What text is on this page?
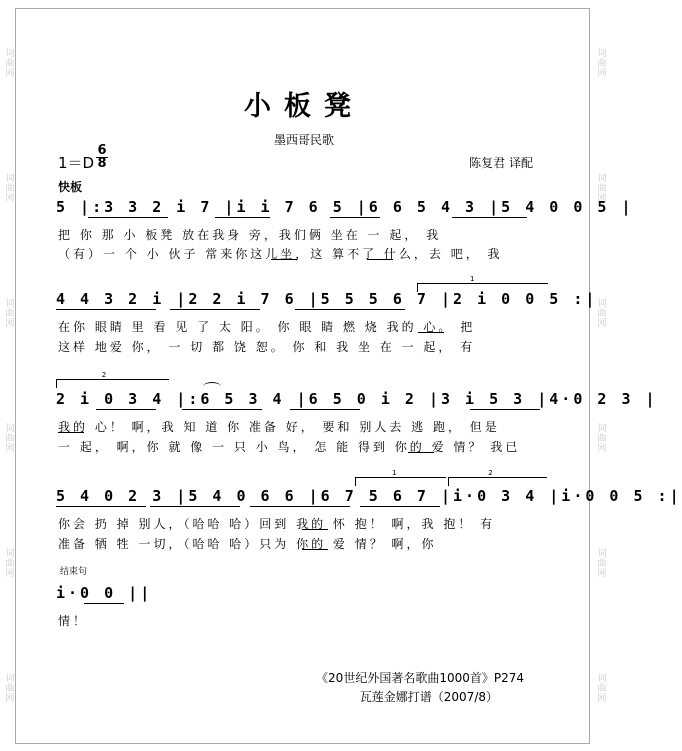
词曲网
词曲网
词曲网
词曲网
词曲网
词曲网
词曲网
词曲网
词曲网
词曲网
词曲网
词曲网
小板凳
墨西哥民歌
1＝D
6
8	陈复君 译配
快板
5 |:3 3 2 i 7 |i i 7 6 5 |6 6 5 4 3 |5 4 0 0 5 |
把 你 那 小 板凳 放在我身 旁，我们俩 坐在 一 起， 我
（有）一 个 小 伙子 常来你这儿坐，这 算不了 什么，去 吧， 我
1
4 4 3 2 i |2 2 i 7 6 |5 5 5 6 7 |2 i 0 0 5 :|
在你 眼睛 里 看 见 了 太 阳。 你 眼 睛 燃 烧 我的 心。 把
这样 地爱 你， 一 切 都 饶 恕。 你 和 我 坐 在 一 起， 有
2
2 i 0 3 4 |:6 5 3 4 |6 5 0 i 2 |3 i 5 3 |4·0 2 3 |
我的 心！ 啊，我 知 道 你 准备 好， 要和 别人去 逃 跑， 但是
一 起， 啊，你 就 像 一 只 小 鸟， 怎 能 得到 你的 爱 情？ 我已
1	2
5 4 0 2 3 |5 4 0 6 6 |6 7 5 6 7 |i·0 3 4 |i·0 0 5 :|
你会 扔 掉 别人，（哈哈 哈）回到 我的 怀 抱！ 啊，我 抱！ 有
准备 牺 牲 一切，（哈哈 哈）只为 你的 爱 情？ 啊，你
结束句
i·0 0 ||
情！
《20世纪外国著名歌曲1000首》P274
瓦莲金娜打谱（2007/8）
